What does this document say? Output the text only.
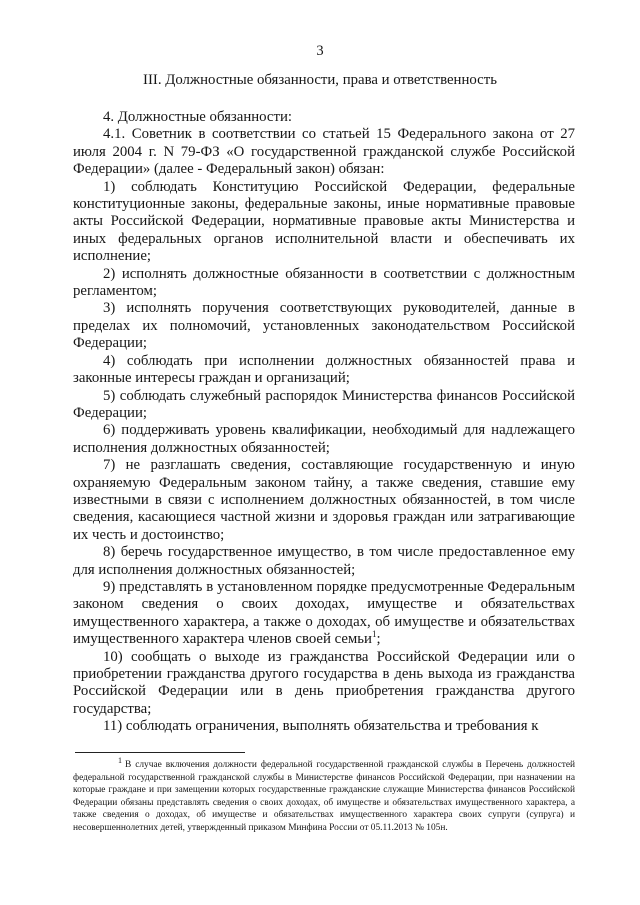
3
III. Должностные обязанности, права и ответственность

4. Должностные обязанности:

4.1. Советник в соответствии со статьей 15 Федерального закона от 27 июля 2004 г. N 79-ФЗ «О государственной гражданской службе Российской Федерации» (далее - Федеральный закон) обязан:

1) соблюдать Конституцию Российской Федерации, федеральные конституционные законы, федеральные законы, иные нормативные правовые акты Российской Федерации, нормативные правовые акты Министерства и иных федеральных органов исполнительной власти и обеспечивать их исполнение;

2) исполнять должностные обязанности в соответствии с должностным регламентом;

3) исполнять поручения соответствующих руководителей, данные в пределах их полномочий, установленных законодательством Российской Федерации;

4) соблюдать при исполнении должностных обязанностей права и законные интересы граждан и организаций;

5) соблюдать служебный распорядок Министерства финансов Российской Федерации;

6) поддерживать уровень квалификации, необходимый для надлежащего исполнения должностных обязанностей;

7) не разглашать сведения, составляющие государственную и иную охраняемую Федеральным законом тайну, а также сведения, ставшие ему известными в связи с исполнением должностных обязанностей, в том числе сведения, касающиеся частной жизни и здоровья граждан или затрагивающие их честь и достоинство;

8) беречь государственное имущество, в том числе предоставленное ему для исполнения должностных обязанностей;

9) представлять в установленном порядке предусмотренные Федеральным законом сведения о своих доходах, имуществе и обязательствах имущественного характера, а также о доходах, об имуществе и обязательствах имущественного характера членов своей семьи$^1$;

10) сообщать о выходе из гражданства Российской Федерации или о приобретении гражданства другого государства в день выхода из гражданства Российской Федерации или в день приобретения гражданства другого государства;

11) соблюдать ограничения, выполнять обязательства и требования к

1 В случае включения должности федеральной государственной гражданской службы в Перечень должностей федеральной государственной гражданской службы в Министерстве финансов Российской Федерации, при назначении на которые граждане и при замещении которых государственные гражданские служащие Министерства финансов Российской Федерации обязаны представлять сведения о своих доходах, об имуществе и обязательствах имущественного характера, а также сведения о доходах, об имуществе и обязательствах имущественного характера своих супруги (супруга) и несовершеннолетних детей, утвержденный приказом Минфина России от 05.11.2013 № 105н.
